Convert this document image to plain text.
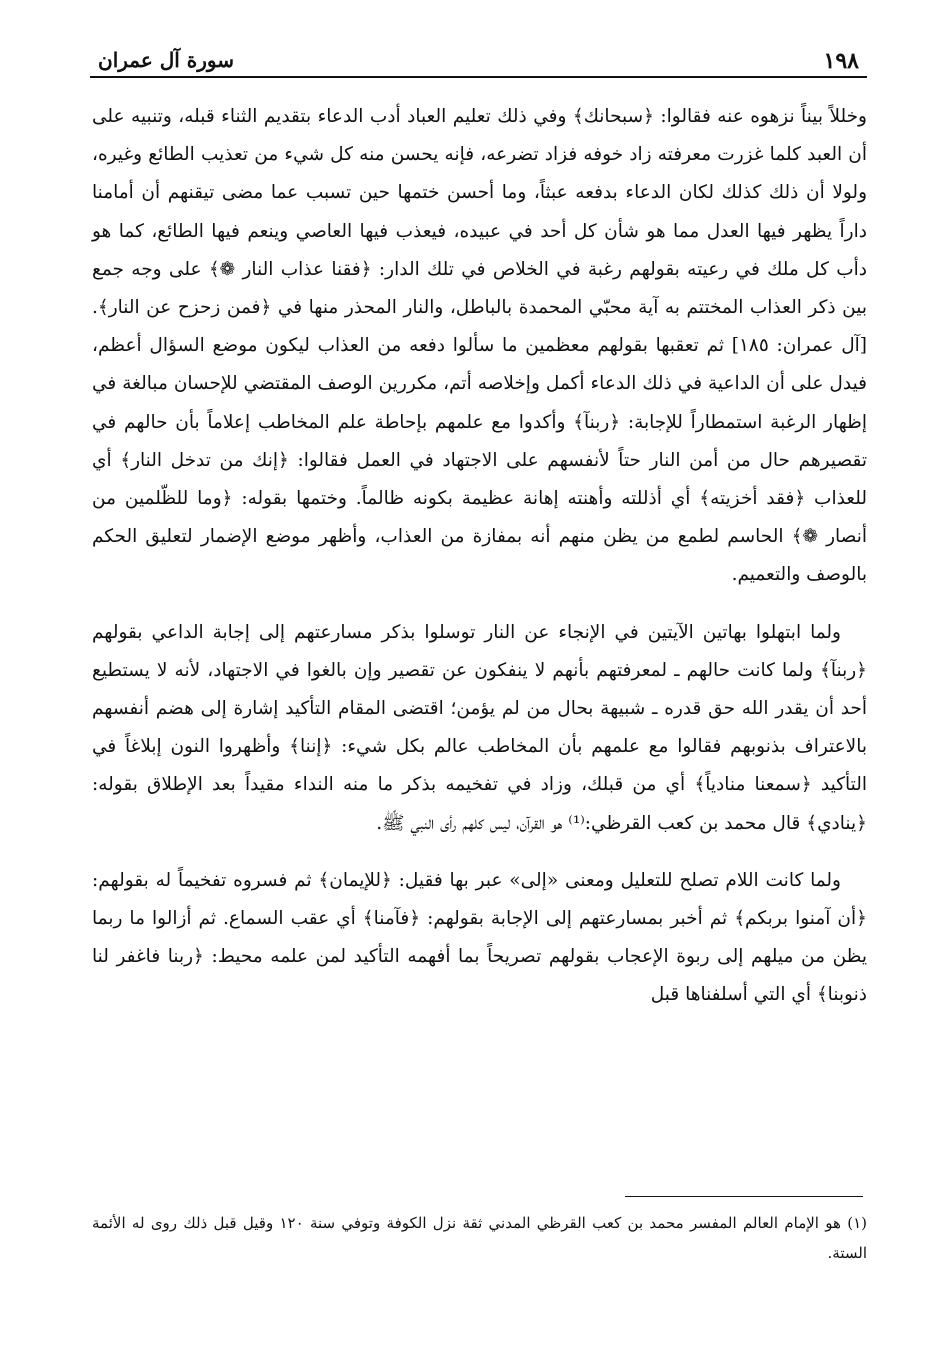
١٩٨
سورة آل عمران

وخللاً بيناً نزهوه عنه فقالوا: ﴿سبحانك﴾ وفي ذلك تعليم العباد أدب الدعاء بتقديم الثناء قبله، وتنبيه على أن العبد كلما غزرت معرفته زاد خوفه فزاد تضرعه، فإنه يحسن منه كل شيء من تعذيب الطائع وغيره، ولولا أن ذلك كذلك لكان الدعاء بدفعه عبثاً، وما أحسن ختمها حين تسبب عما مضى تيقنهم أن أمامنا داراً يظهر فيها العدل مما هو شأن كل أحد في عبيده، فيعذب فيها العاصي وينعم فيها الطائع، كما هو دأب كل ملك في رعيته بقولهم رغبة في الخلاص في تلك الدار: ﴿فقنا عذاب النار ❁﴾ على وجه جمع بين ذكر العذاب المختتم به آية محبّي المحمدة بالباطل، والنار المحذر منها في ﴿فمن زحزح عن النار﴾. [آل عمران: ١٨٥] ثم تعقبها بقولهم معظمين ما سألوا دفعه من العذاب ليكون موضع السؤال أعظم، فيدل على أن الداعية في ذلك الدعاء أكمل وإخلاصه أتم، مكررين الوصف المقتضي للإحسان مبالغة في إظهار الرغبة استمطاراً للإجابة: ﴿ربنآ﴾ وأكدوا مع علمهم بإحاطة علم المخاطب إعلاماً بأن حالهم في تقصيرهم حال من أمن النار حتاً لأنفسهم على الاجتهاد في العمل فقالوا: ﴿إنك من تدخل النار﴾ أي للعذاب ﴿فقد أخزيته﴾ أي أذللته وأهنته إهانة عظيمة بكونه ظالماً. وختمها بقوله: ﴿وما للظّلمين من أنصار ❁﴾ الحاسم لطمع من يظن منهم أنه بمفازة من العذاب، وأظهر موضع الإضمار لتعليق الحكم بالوصف والتعميم.

ولما ابتهلوا بهاتين الآيتين في الإنجاء عن النار توسلوا بذكر مسارعتهم إلى إجابة الداعي بقولهم ﴿ربنآ﴾ ولما كانت حالهم ـ لمعرفتهم بأنهم لا ينفكون عن تقصير وإن بالغوا في الاجتهاد، لأنه لا يستطيع أحد أن يقدر الله حق قدره ـ شبيهة بحال من لم يؤمن؛ اقتضى المقام التأكيد إشارة إلى هضم أنفسهم بالاعتراف بذنوبهم فقالوا مع علمهم بأن المخاطب عالم بكل شيء: ﴿إننا﴾ وأظهروا النون إبلاغاً في التأكيد ﴿سمعنا منادياً﴾ أي من قبلك، وزاد في تفخيمه بذكر ما منه النداء مقيداً بعد الإطلاق بقوله: ﴿ينادي﴾ قال محمد بن كعب القرظي:⁽¹⁾ هو القرآن، ليس كلهم رأى النبي ﷺ.

ولما كانت اللام تصلح للتعليل ومعنى «إلى» عبر بها فقيل: ﴿للإيمان﴾ ثم فسروه تفخيماً له بقولهم: ﴿أن آمنوا بربكم﴾ ثم أخبر بمسارعتهم إلى الإجابة بقولهم: ﴿فآمنا﴾ أي عقب السماع. ثم أزالوا ما ربما يظن من ميلهم إلى ربوة الإعجاب بقولهم تصريحاً بما أفهمه التأكيد لمن علمه محيط: ﴿ربنا فاغفر لنا ذنوبنا﴾ أي التي أسلفناها قبل

(١) هو الإمام العالم المفسر محمد بن كعب القرظي المدني ثقة نزل الكوفة وتوفي سنة ١٢٠ وقيل قبل ذلك روى له الأئمة الستة.
